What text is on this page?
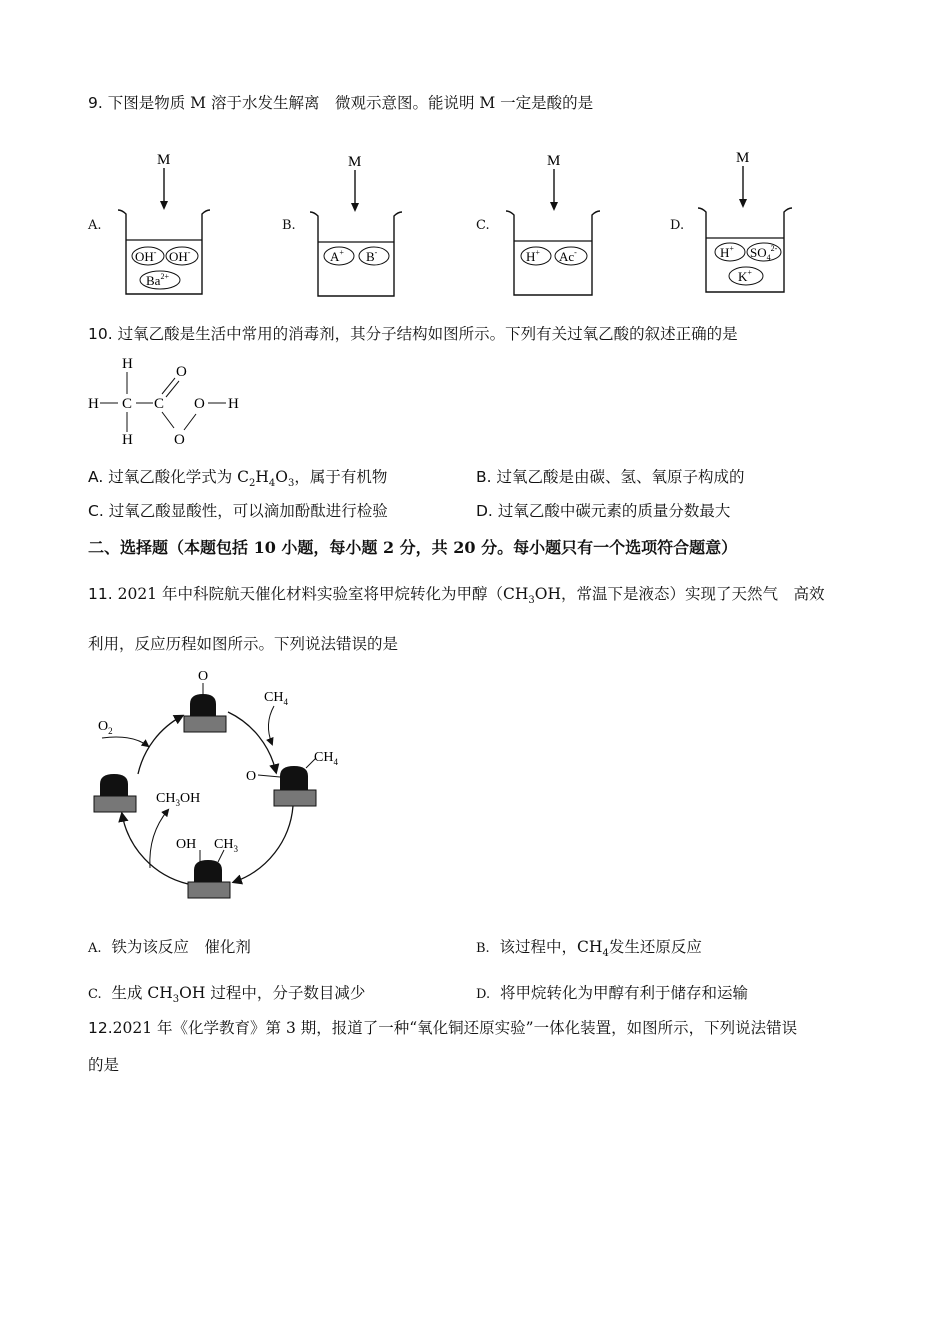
9. 下图是物质 M 溶于水发生解离　微观示意图。能说明 M 一定是酸的是
A.	B.	C.	D.
M
OH- OH-
$Ba^{2+}$
M
A+ B-
M
H+ Ac-
M
H+ $SO_4^{2-}$
K+
10. 过氧乙酸是生活中常用的消毒剂，其分子结构如图所示。下列有关过氧乙酸的叙述正确的是
H
H C
H
C
O
O
O H
A. 过氧乙酸化学式为 $C_2H_4O_3$，属于有机物	B. 过氧乙酸是由碳、氢、氧原子构成的
C. 过氧乙酸显酸性，可以滴加酚酞进行检验	D. 过氧乙酸中碳元素的质量分数最大
二、选择题（本题包括 10 小题，每小题 2 分，共 20 分。每小题只有一个选项符合题意）
11. 2021 年中科院航天催化材料实验室将甲烷转化为甲醇（$CH_3OH$，常温下是液态）实现了天然气　高效
利用，反应历程如图所示。下列说法错误的是
O
O
$O_2$
$CH_4$
$CH_4$
$CH_3OH$
OH $CH_3$
A. 铁为该反应　催化剂	B. 该过程中，$CH_4$发生还原反应
C. 生成 $CH_3OH$ 过程中，分子数目减少	D. 将甲烷转化为甲醇有利于储存和运输
12.2021 年《化学教育》第 3 期，报道了一种“氧化铜还原实验”一体化装置，如图所示，下列说法错误
的是
